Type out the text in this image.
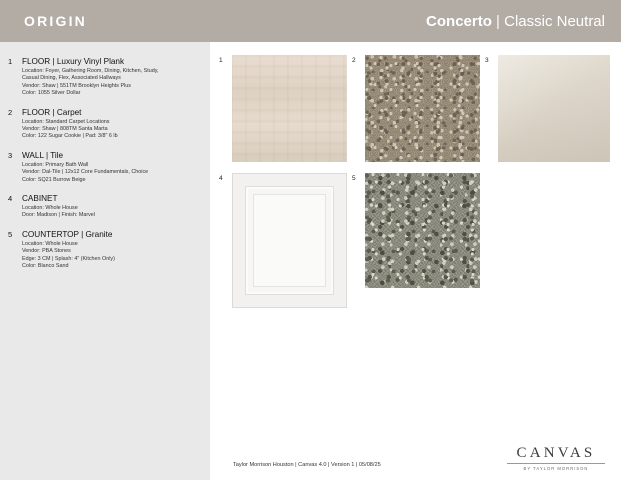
ORIGIN	Concerto | Classic Neutral
1	FLOOR | Luxury Vinyl Plank
Location: Foyer, Gathering Room, Dining, Kitchen, Study,
Casual Dining, Flex, Associated Hallways
Vendor: Shaw | 551TM Brooklyn Heights Plus
Color: 1055 Silver Dollar
2	FLOOR | Carpet
Location: Standard Carpet Locations
Vendor: Shaw | 808TM Santa Marta
Color: 122 Sugar Cookie | Pad: 3/8" 6 lb
3	WALL | Tile
Location: Primary Bath Wall
Vendor: Dal-Tile | 12x12 Core Fundamentals, Choice
Color: SQ21 Burrow Beige
4	CABINET
Location: Whole House
Door: Madison | Finish: Marvel
5	COUNTERTOP | Granite
Location: Whole House
Vendor: PBA Stones
Edge: 3 CM | Splash: 4" (Kitchen Only)
Color: Blanco Sand
1	2	3
4	5
Taylor Morrison Houston | Canvas 4.0 | Version 1 | 05/08/25
CANVAS
BY TAYLOR MORRISON
